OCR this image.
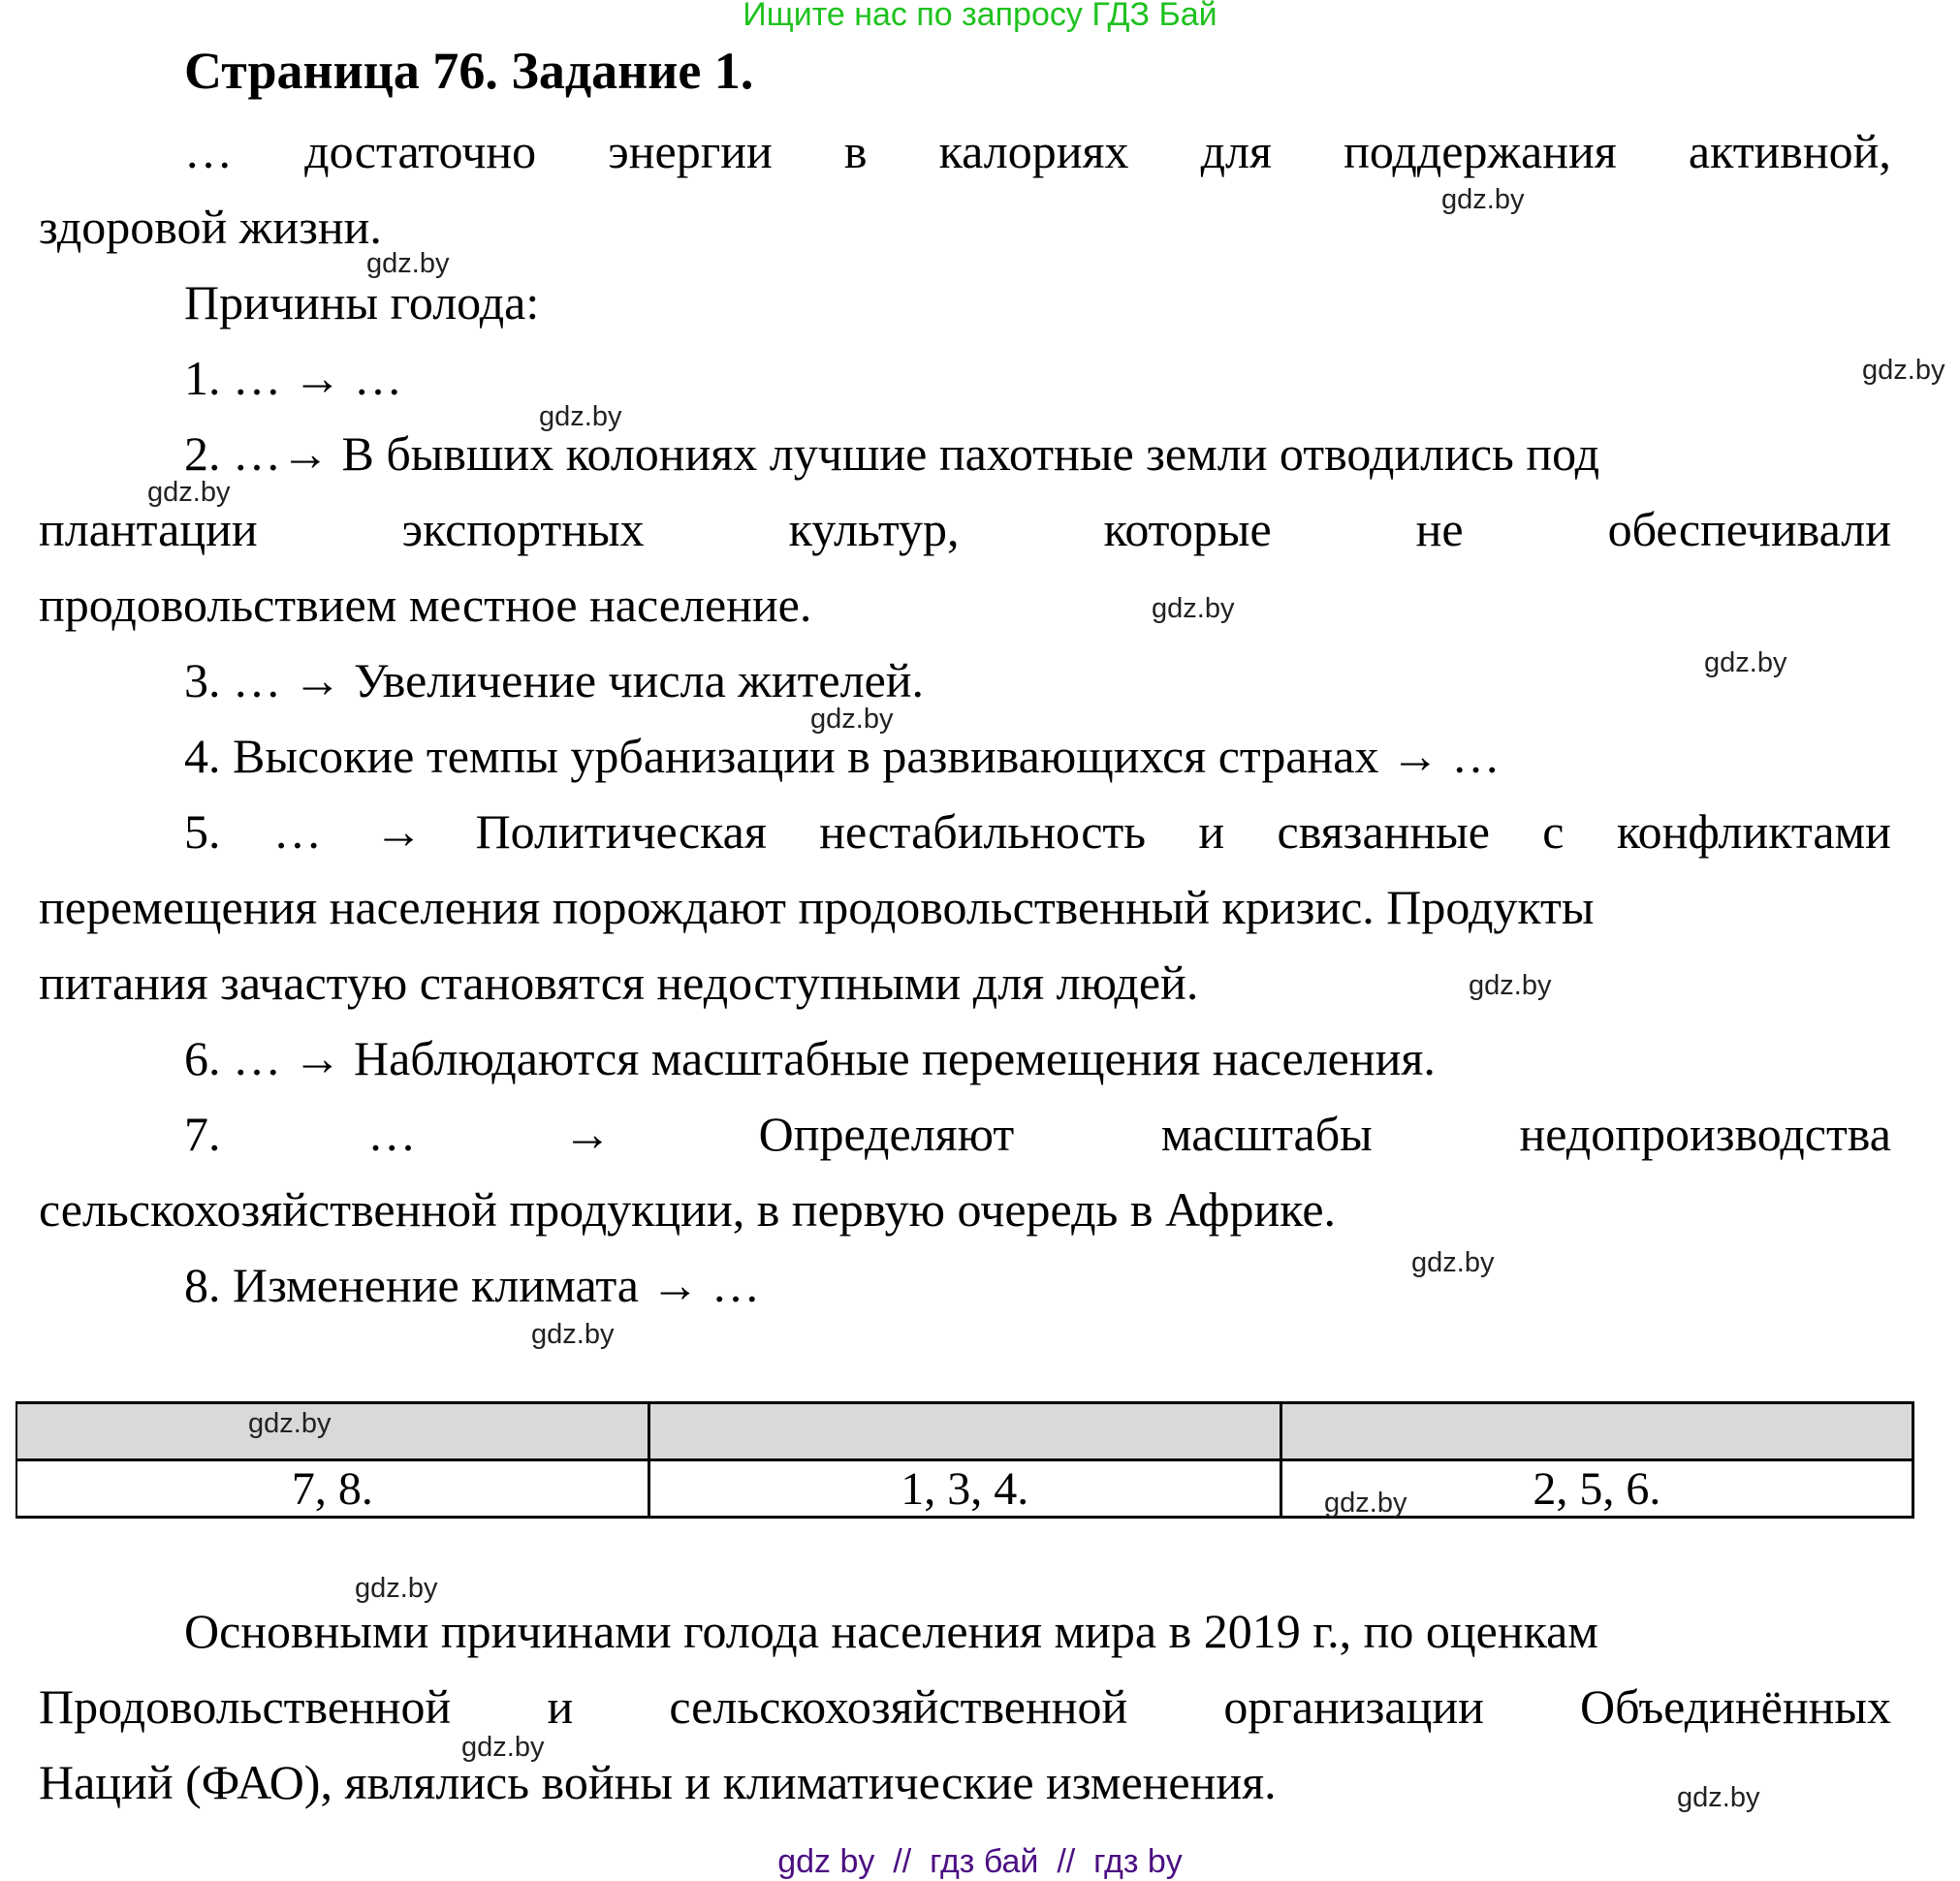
Ищите нас по запросу ГДЗ Бай
Страница 76. Задание 1.
… достаточно энергии в калориях для поддержания активной,
здоровой жизни.
Причины голода:
1. … → …
2. …→ В бывших колониях лучшие пахотные земли отводились под
плантации	экспортных	культур,	которые	не	обеспечивали
продовольствием местное население.
3. … → Увеличение числа жителей.
4. Высокие темпы урбанизации в развивающихся странах → …
5. … → Политическая нестабильность и связанные с конфликтами
перемещения населения порождают продовольственный кризис. Продукты
питания зачастую становятся недоступными для людей.
6. … → Наблюдаются масштабные перемещения населения.
7.	…	→	Определяют	масштабы	недопроизводства
сельскохозяйственной продукции, в первую очередь в Африке.
8. Изменение климата → …

7, 8.	1, 3, 4.	2, 5, 6.
Основными причинами голода населения мира в 2019 г., по оценкам
Продовольственной и сельскохозяйственной организации Объединённых
Наций (ФАО), являлись войны и климатические изменения.
gdz.by
gdz.by
gdz.by
gdz.by
gdz.by
gdz.by
gdz.by
gdz.by
gdz.by
gdz.by
gdz.by
gdz.by
gdz.by
gdz.by
gdz.by
gdz.by
gdz by  //  гдз бай  //  гдз by
